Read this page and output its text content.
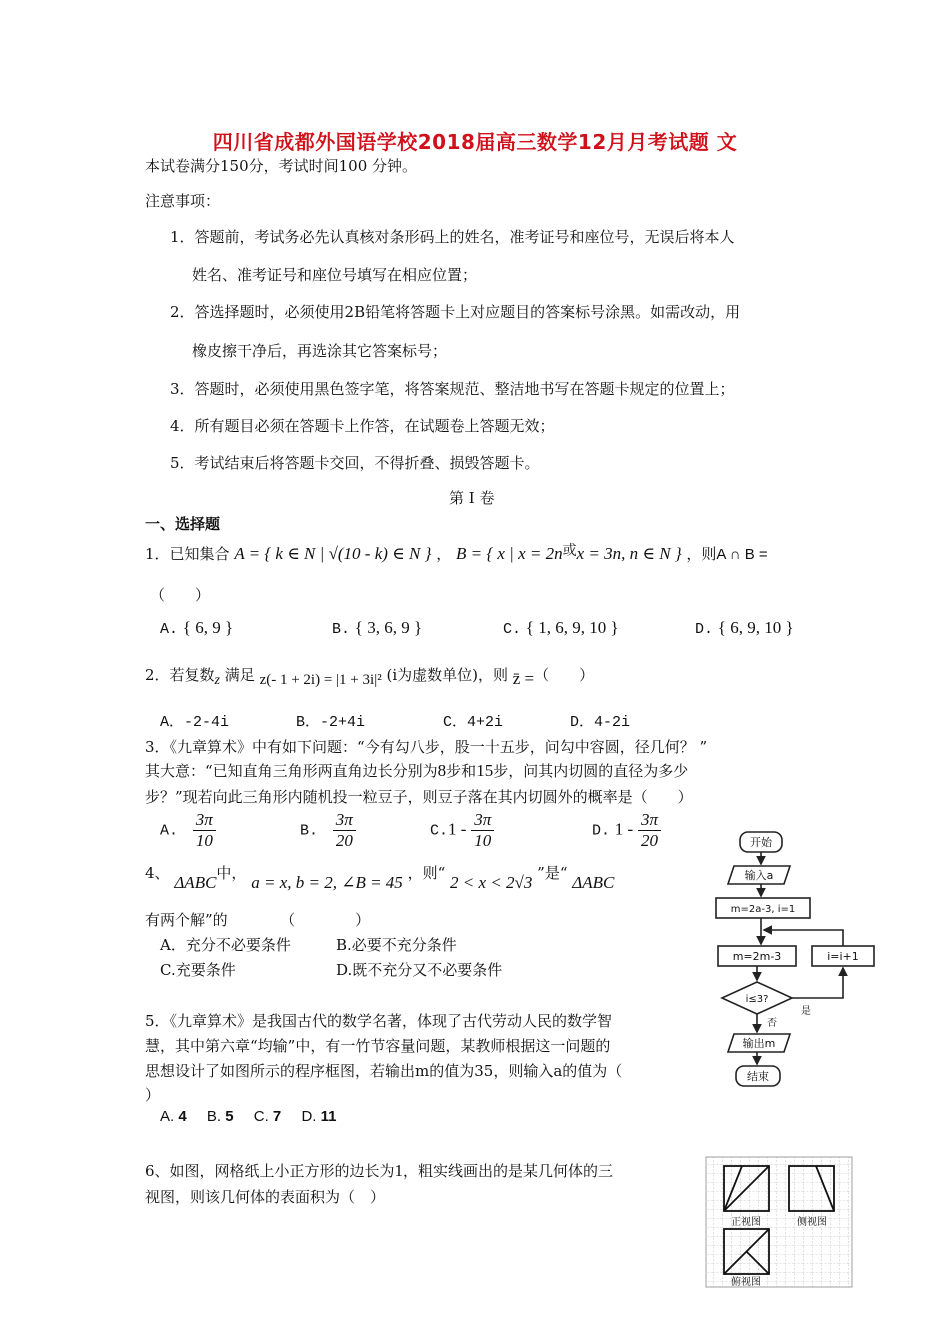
四川省成都外国语学校2018届高三数学12月月考试题 文
本试卷满分150分，考试时间100 分钟。
注意事项：
1．答题前，考试务必先认真核对条形码上的姓名，准考证号和座位号，无误后将本人
姓名、准考证号和座位号填写在相应位置；
2．答选择题时，必须使用2B铅笔将答题卡上对应题目的答案标号涂黑。如需改动，用
橡皮擦干净后，再选涂其它答案标号；
3．答题时，必须使用黑色签字笔，将答案规范、整洁地书写在答题卡规定的位置上；
4．所有题目必须在答题卡上作答，在试题卷上答题无效；
5．考试结束后将答题卡交回，不得折叠、损毁答题卡。
第 I 卷
一、选择题
1．已知集合 A = { k ∈ N | √(10 - k) ∈ N } ， B = { x | x = 2n或x = 3n, n ∈ N } ，则A ∩ B =
（　　）
A. { 6, 9 }	B. { 3, 6, 9 }	C. { 1, 6, 9, 10 }	D. { 6, 9, 10 }
2．若复数z 满足 z(- 1 + 2i) = |1 + 3i|² (i为虚数单位)，则 z̄ =（　　）
A．-2-4i	B．-2+4i	C．4+2i	D．4-2i
3．《九章算术》中有如下问题：“今有勾八步，股一十五步，问勾中容圆，径几何？ ”
其大意：“已知直角三角形两直角边长分别为8步和15步，问其内切圆的直径为多少
步？”现若向此三角形内随机投一粒豆子，则豆子落在其内切圆外的概率是（　　）
A. $\frac{3\pi}{10}$	B. $\frac{3\pi}{20}$	$C.1 - \frac{3\pi}{10}$	D. $1 - \frac{3\pi}{20}$
4、 ΔABC中， a = x, b = 2, ∠B = 45 ，则“ 2 < x < 2√3 ”是“ ΔABC
有两个解”的　　　　（　　　　）
A．充分不必要条件	B.必要不充分条件
C.充要条件	D.既不充分又不必要条件
5．《九章算术》是我国古代的数学名著，体现了古代劳动人民的数学智
慧，其中第六章“均输”中，有一竹节容量问题，某教师根据这一问题的
思想设计了如图所示的程序框图，若输出m的值为35，则输入a的值为（
）
A. 4 B. 5 C. 7 D. 11
开始
输入a
m=2a-3, i=1
m=2m-3	i=i+1
i≤3?
否
是
输出m
结束
6、如图，网格纸上小正方形的边长为1，粗实线画出的是某几何体的三
视图，则该几何体的表面积为（　）
正视图	侧视图
俯视图
